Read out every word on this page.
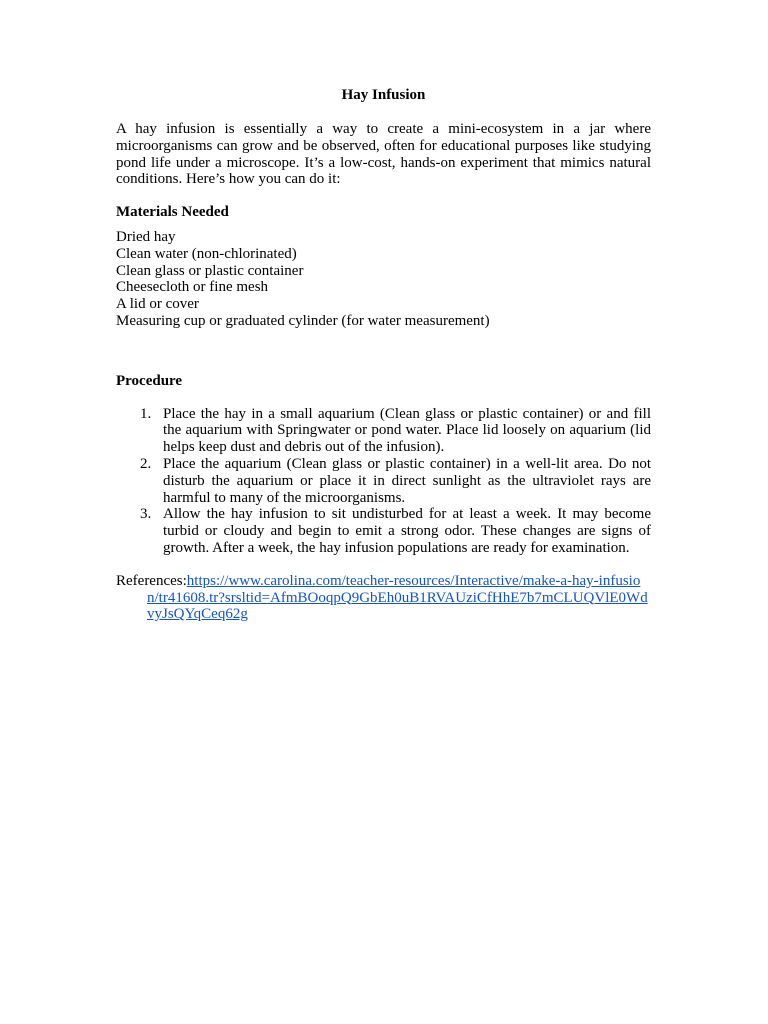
Hay Infusion

A hay infusion is essentially a way to create a mini-ecosystem in a jar where microorganisms can grow and be observed, often for educational purposes like studying pond life under a microscope. It’s a low-cost, hands-on experiment that mimics natural conditions. Here’s how you can do it:

Materials Needed

Dried hay
Clean water (non-chlorinated)
Clean glass or plastic container
Cheesecloth or fine mesh
A lid or cover
Measuring cup or graduated cylinder (for water measurement)

Procedure

1. Place the hay in a small aquarium (Clean glass or plastic container) or and fill the aquarium with Springwater or pond water. Place lid loosely on aquarium (lid helps keep dust and debris out of the infusion).
2. Place the aquarium (Clean glass or plastic container) in a well-lit area. Do not disturb the aquarium or place it in direct sunlight as the ultraviolet rays are harmful to many of the microorganisms.
3. Allow the hay infusion to sit undisturbed for at least a week. It may become turbid or cloudy and begin to emit a strong odor. These changes are signs of growth. After a week, the hay infusion populations are ready for examination.

References:https://www.carolina.com/teacher-resources/Interactive/make-a-hay-infusion/tr41608.tr?srsltid=AfmBOoqpQ9GbEh0uB1RVAUziCfHhE7b7mCLUQVlE0WdvyJsQYqCeq62g
